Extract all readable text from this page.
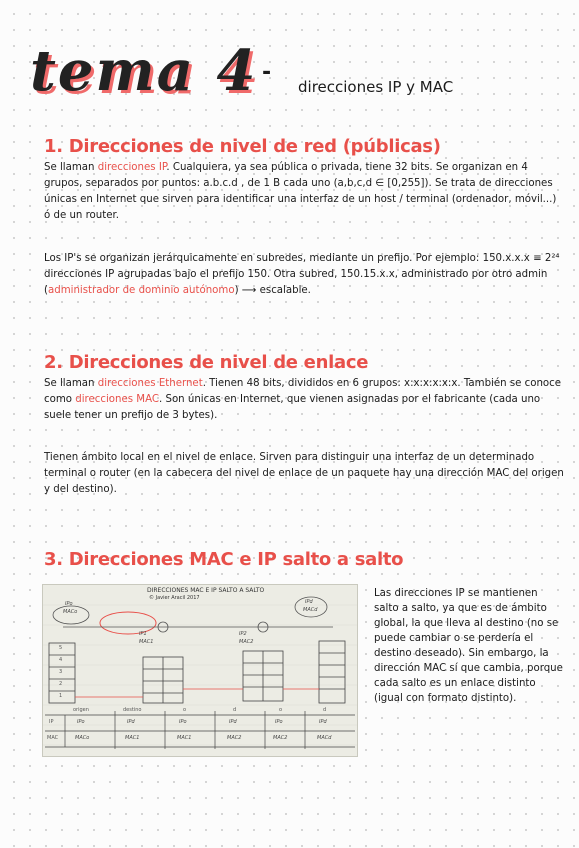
tema 4 -
direcciones IP y MAC
1. Direcciones de nivel de red (públicas)
Se llaman direcciones IP. Cualquiera, ya sea pública o privada, tiene 32 bits. Se organizan en 4 grupos, separados por puntos: a.b.c.d , de 1 B cada uno (a,b,c,d ∈ [0,255]). Se trata de direcciones únicas en Internet que sirven para identificar una interfaz de un host / terminal (ordenador, móvil...) ó de un router.
Los IP's se organizan jerárquicamente en subredes, mediante un prefijo. Por ejemplo: 150.x.x.x ≡ 2²⁴ direcciones IP agrupadas bajo el prefijo 150. Otra subred, 150.15.x.x, administrado por otro admin (administrador de dominio autónomo) ⟶ escalable.
2. Direcciones de nivel de enlace
Se llaman direcciones Ethernet. Tienen 48 bits, divididos en 6 grupos: x:x:x:x:x:x. También se conoce como direcciones MAC. Son únicas en Internet, que vienen asignadas por el fabricante (cada uno suele tener un prefijo de 3 bytes).
Tienen ámbito local en el nivel de enlace. Sirven para distinguir una interfaz de un determinado terminal o router (en la cabecera del nivel de enlace de un paquete hay una dirección MAC del origen y del destino).
3. Direcciones MAC e IP salto a salto
DIRECCIONES MAC E IP SALTO A SALTO
© Javier Aracil 2017
IPo
MACo
IP1
MAC1
IP2
MAC2
IPd
MACd
5
4
3
2
1
origen	destino	o	d	o	d
IP
MAC
IPo	IPd	IPo	IPd	IPo	IPd
MACo	MAC1	MAC1	MAC2	MAC2	MACd
Las direcciones IP se mantienen salto a salto, ya que es de ámbito global, la que lleva al destino (no se puede cambiar o se perdería el destino deseado). Sin embargo, la dirección MAC sí que cambia, porque cada salto es un enlace distinto (igual con formato distinto).
